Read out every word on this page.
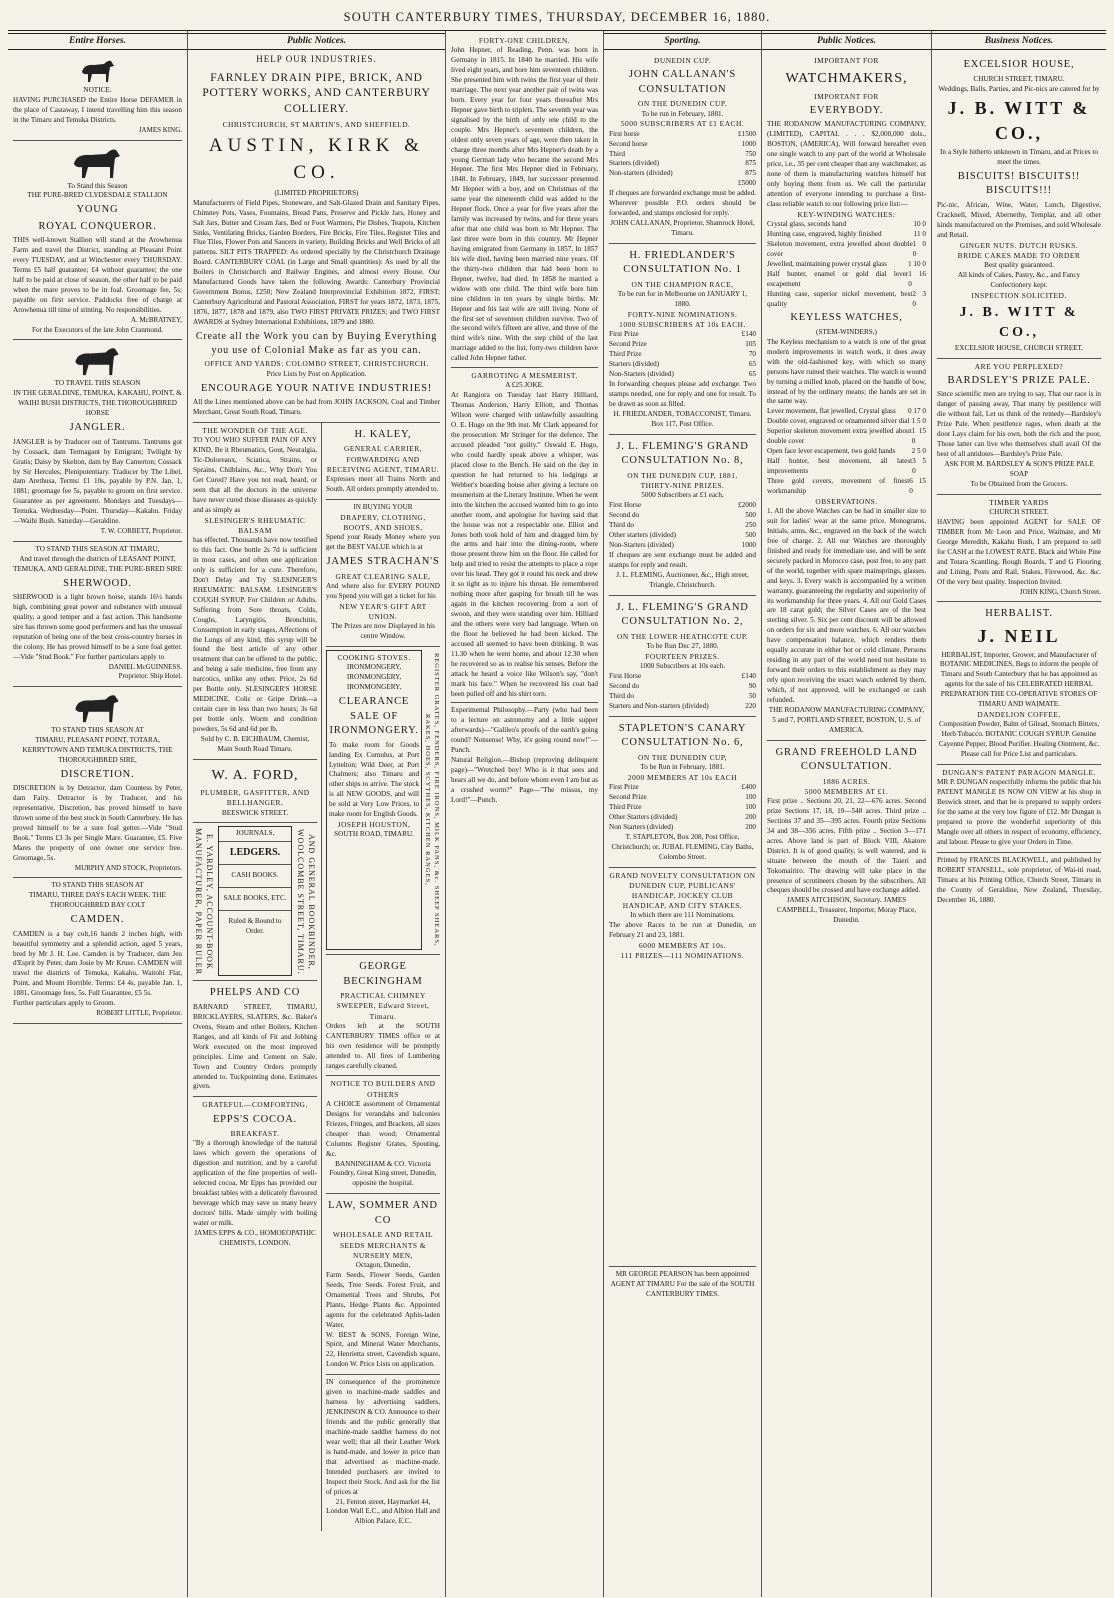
SOUTH CANTERBURY TIMES, THURSDAY, DECEMBER 16, 1880.
Entire Horses.
NOTICE.
HAVING PURCHASED the Entire Horse DEFAMER in the place of Castaway, I intend travelling him this season in the Timaru and Temuka Districts.
JAMES KING.
To Stand this Season
THE PURE-BRED CLYDESDALE STALLION
YOUNG
ROYAL CONQUEROR.
THIS well-known Stallion will stand at the Arowhenua Farm and travel the District, standing at Pleasant Point every TUESDAY, and at Winchester every THURSDAY. Terms £5 half guarantee; £4 without guarantee; the one half to be paid at close of season, the other half to be paid when the mare proves to be in foal. Groomage fee, 5s; payable on first service. Paddocks free of charge at Arowhenua till time of stinting. No responsibilities.
A. McBRATNEY,
For the Executors of the late John Cranmond.
TO TRAVEL THIS SEASON
IN THE GERALDINE, TEMUKA, KAKAHU, POINT, & WAIHI BUSH DISTRICTS, THE THOROUGHBRED HORSE
JANGLER.
JANGLER is by Traducer out of Tantrums. Tantrums got by Cossack, dam Termagant by Emigrant; Twilight by Gratis; Daisy by Skelton, dam by Bay Camerton; Cossack by Sir Hercules, Plenipotentiary. Traducer by The Libel, dam Arethusa. Terms: £1 10s, payable by P.N. Jan. 1, 1881; groomage fee 5s, payable to groom on first service. Guarantee as per agreement. Mondays and Tuesdays—Temuka. Wednesday—Point. Thursday—Kakahu. Friday—Waihi Bush. Saturday—Geraldine.
T. W. CORBETT, Proprietor.
TO STAND THIS SEASON AT TIMARU,
And travel through the districts of LEASANT POINT, TEMUKA, AND GERALDINE, THE PURE-BRED SIRE
SHERWOOD.
SHERWOOD is a light brown horse, stands 16½ hands high, combining great power and substance with unusual quality, a good temper and a fast action. This handsome sire has thrown some good performers and has the unusual reputation of being one of the best cross-country horses in the colony. He has proved himself to be a sure foal getter.—Vide "Stud Book." For further particulars apply to
DANIEL McGUINNESS.
Proprietor. Ship Hotel.
TO STAND THIS SEASON AT
TIMARU, PLEASANT POINT, TOTARA, KERRYTOWN AND TEMUKA DISTRICTS, THE THOROUGHBRED SIRE,
DISCRETION.
DISCRETION is by Detractor, dam Countess by Peter, dam Fairy. Detractor is by Traducer, and his representative, Discretion, has proved himself to have thrown some of the best stock in South Canterbury. He has proved himself to be a sure foal getter.—Vide "Stud Book." Terms £3 3s per Single Mare. Guarantee, £5. Five Mares the property of one owner one service free. Groomage, 5s.
MURPHY AND STOCK, Proprietors.
TO STAND THIS SEASON AT
TIMARU, THREE DAYS EACH WEEK. THE THOROUGHBRED BAY COLT
CAMDEN.
CAMDEN is a bay colt,16 hands 2 inches high, with beautiful symmetry and a splendid action, aged 5 years, bred by Mr J. H. Lee. Camden is by Traducer, dam Jeu d'Esprit by Peter, dam Josie by Mr Kruse. CAMDEN will travel the districts of Temuka, Kakahu, Waitohi Flat, Point, and Mount Horrible. Terms: £4 4s, payable Jan. 1, 1881, Groomage fees, 5s. Full Guarantee, £5 5s.
Further particulars apply to Groom.
ROBERT LITTLE, Proprietor.
Public Notices.
HELP OUR INDUSTRIES.
FARNLEY DRAIN PIPE, BRICK, AND POTTERY WORKS, AND CANTERBURY COLLIERY.
CHRISTCHURCH, ST MARTIN'S, AND SHEFFIELD.
AUSTIN, KIRK & CO.
(LIMITED PROPRIETORS)
Manufacturers of Field Pipes, Stoneware, and Salt-Glazed Drain and Sanitary Pipes, Chimney Pots, Vases, Fountains, Bread Pans, Preserve and Pickle Jars, Honey and Salt Jars, Butter and Cream Jars, Bed or Foot Warmers, Pie Dishes, Teapots, Kitchen Sinks, Ventilating Bricks, Garden Borders, Fire Bricks, Fire Tiles, Register Tiles and Flue Tiles, Flower Pots and Saucers in variety, Building Bricks and Well Bricks of all patterns. SILT PITS TRAPPED: As ordered specially by the Christchurch Drainage Board. CANTERBURY COAL (in Large and Small quantities): As used by all the Boilers in Christchurch and Railway Engines, and almost every House. Our Manufactured Goods have taken the following Awards: Canterbury Provincial Government Bonus, £250; New Zealand Interprovincial Exhibition 1872, FIRST; Canterbury Agricultural and Pastoral Association, FIRST for years 1872, 1873, 1875, 1876, 1877, 1878 and 1879, also TWO FIRST PRIVATE PRIZES; and TWO FIRST AWARDS at Sydney International Exhibitions, 1879 and 1880.
Create all the Work you can by Buying Everything you use of Colonial Make as far as you can.
OFFICE AND YARDS: COLOMBO STREET, CHRISTCHURCH.
Price Lists by Post on Application.
ENCOURAGE YOUR NATIVE INDUSTRIES!
All the Lines mentioned above can be had from JOHN JACKSON, Coal and Timber Merchant, Great South Road, Timaru.
THE WONDER OF THE AGE.
TO YOU WHO SUFFER PAIN OF ANY KIND, Be it Rheumatics, Gout, Neuralgia, Tic-Doloreaux, Sciatica, Strains, or Sprains, Chilblains, &c., Why Don't You Get Cured? Have you not read, heard, or seen that all the doctors in the universe have never cured those diseases as quickly and as simply as
SLESINGER'S RHEUMATIC BALSAM
has effected. Thousands have now testified to this fact. One bottle 2s 7d is sufficient in most cases, and often one application only is sufficient for a cure. Therefore, Don't Delay and Try SLESINGER'S RHEUMATIC BALSAM. LESINGER'S COUGH SYRUP. For Children or Adults. Suffering from Sore throats, Colds, Coughs, Laryngitis, Bronchitis, Consumption in early stages, Affections of the Lungs of any kind, this syrup will be found the best article of any other treatment that can be offered to the public, and being a safe medicine, free from any narcotics, unlike any other. Price, 2s 6d per Bottle only. SLESINGER'S HORSE MEDICINE. Colic or Gripe Drink—a certain cure in less than two hours; 3s 6d per bottle only. Worm and condition powders, 5s 6d and 6d per lb.
Sold by C. B. EICHBAUM, Chemist, Main South Road Timaru.
W. A. FORD,
PLUMBER, GASFITTER, AND BELLHANGER,
BEESWICK STREET.
E. YARDLEY, ACCOUNT-BOOK MANUFACTURER, PAPER RULER	JOURNALS.
LEDGERS.
CASH BOOKS.
SALE BOOKS, ETC.
Ruled & Bound to Order.	AND GENERAL BOOKBINDER, WOOLCOMBE STREET, TIMARU.
PHELPS AND CO
BARNARD STREET, TIMARU, BRICKLAYERS, SLATERS, &c. Baker's Ovens, Steam and other Boilers, Kitchen Ranges, and all kinds of Fit and Jobbing Work executed on the most improved principles. Lime and Cement on Sale. Town and Country Orders promptly attended to. Tuckpointing done. Estimates given.
GRATEFUL—COMFORTING.
EPPS'S COCOA.
BREAKFAST.
"By a thorough knowledge of the natural laws which govern the operations of digestion and nutrition, and by a careful application of the fine properties of well-selected cocoa, Mr Epps has provided our breakfast tables with a delicately flavoured beverage which may save us many heavy doctors' bills. Made simply with boiling water or milk.
JAMES EPPS & CO., HOMOEOPATHIC CHEMISTS, LONDON.
H. KALEY,
GENERAL CARRIER, FORWARDING AND RECEIVING AGENT, TIMARU.
Expresses meet all Trains North and South. All orders promptly attended to.
IN BUYING YOUR
DRAPERY, CLOTHING, BOOTS, AND SHOES,
Spend your Ready Money where you get the BEST VALUE which is at
JAMES STRACHAN'S
GREAT CLEARING SALE,
And where also for EVERY POUND you Spend you will get a ticket for his
NEW YEAR'S GIFT ART UNION.
The Prizes are now Displayed in his centre Window.
COOKING STOVES.
IRONMONGERY,
IRONMONGERY,
IRONMONGERY,
CLEARANCE SALE OF IRONMONGERY.
To make room for Goods landing Ex Cumulus, at Port Lyttelton; Wild Deer, at Port Chalmers; also Timaru and other ships to arrive. The stock is all NEW GOODS, and will be sold at Very Low Prices, to make room for English Goods.
JOSEPH HOUSTON,
SOUTH ROAD, TIMARU.	REGISTER GRATES, FENDERS, FIRE IRONS, MILK PANS, &c. SHEEP SHEARS, RAKES, HOES, SCYTHES, KITCHEN RANGES,
GEORGE BECKINGHAM
PRACTICAL CHIMNEY SWEEPER, Edward Street, Timaru.
Orders left at the SOUTH CANTERBURY TIMES office or at his own residence will be promptly attended to. All fires of Lumbering ranges carefully cleaned.
NOTICE TO BUILDERS AND OTHERS
A CHOICE assortment of Ornamental Designs for verandahs and balconies Friezes, Fringes, and Brackets, all sizes cheaper than wood; Ornamental Columns Register Grates, Spouting, &c.
BANNINGHAM & CO. Victoria Foundry, Great King street, Dunedin, opposite the hospital.
LAW, SOMMER AND CO
WHOLESALE AND RETAIL SEEDS MERCHANTS & NURSERY MEN,
Octagon, Dunedin.
Farm Seeds, Flower Seeds, Garden Seeds, Tree Seeds. Forest Fruit, and Ornamental Trees and Shrubs, Pot Plants, Hedge Plants &c. Appointed agents for the celebrated Aphis-laden Water.
W. BEST & SONS, Foreign Wine, Spirit, and Mineral Water Merchants, 22, Henrietta street, Cavendish square, London W. Price Lists on application.
IN consequence of the prominence given to machine-made saddles and harness by advertising saddlers, JENKINSON & CO. Announce to their friends and the public generally that machine-made saddler harness do not wear well; that all their Leather Work is hand-made, and lower in price than that advertised as machine-made. Intended purchasers are invited to Inspect their Stock. And ask for the list of prices at
21, Fenton street, Haymarket 44, London Wall E.C., and Albion Hall and Albion Palace, E.C.
FORTY-ONE CHILDREN.
John Hepner, of Reading, Penn. was born in Germany in 1815. In 1840 he married. His wife lived eight years, and bore him seventeen children. She presented him with twins the first year of their marriage. The next year another pair of twins was born. Every year for four years thereafter Mrs Hepner gave birth to triplets. The seventh year was signalised by the birth of only one child to the couple. Mrs Hepner's seventeen children, the oldest only seven years of age, were then taken in charge three months after Mrs Hepner's death by a young German lady who became the second Mrs Hepner. The first Mrs Hepner died in February, 1848. In February, 1849, her successor presented Mr Hepner with a boy, and on Christmas of the same year the nineteenth child was added to the Hepner flock. Once a year for five years after the family was increased by twins, and for three years after that one child was born to Mr Hepner. The last three were born in this country. Mr Hepner having emigrated from Germany in 1857. In 1857 his wife died, having been married nine years. Of the thirty-two children that had been born to Hepner, twelve, had died. In 1858 he married a widow with one child. The third wife bore him nine children in ten years by single births. Mr Hepner and his last wife are still living. None of the first set of seventeen children survive. Two of the second wife's fifteen are alive, and three of the third wife's nine. With the step child of the last marriage added to the list, forty-two children have called John Hepner father.
GARROTING A MESMERIST.
A £25 JOKE.
At Rangiora on Tuesday last Harry Hilliard, Thomas Anderson, Harry Elliott, and Thomas Wilson were charged with unlawfully assaulting O. E. Hugo on the 9th inst. Mr Clark appeared for the prosecution. Mr Stringer for the defence. The accused pleaded "not guilty." Oswald E. Hugo, who could hardly speak above a whisper, was placed close to the Bench. He said on the day in question he had returned to his lodgings at Webber's boarding house after giving a lecture on mesmerism at the Literary Institute. When he went into the kitchen the accused wanted him to go into another room, and apologise for having said that the house was not a respectable one. Elliot and Jones both took hold of him and dragged him by the arms and hair into the dining-room, where those present threw him on the floor. He called for help and tried to resist the attempts to place a rope over his head. They got it round his neck and drew it so tight as to injure his throat. He remembered nothing more after gasping for breath till he was again in the kitchen recovering from a sort of swoon, and they were standing over him. Hilliard and the others were very bad language. When on the floor he believed he had been kicked. The accused all seemed to have been drinking. It was 11.30 when he went home, and about 12.30 when he recovered so as to realise his senses. Before the attack he heard a voice like Wilson's say, "don't mark his face." When he recovered his coat had been pulled off and his shirt torn.
Experimental Philosophy.—Party (who had been to a lecture on astronomy and a little supper afterwards)—"Galileo's proofs of the earth's going round? Nonsense! Why, it's going round now!"—Punch.
Natural Religion.—Bishop (reproving delinquent page)—"Wretched boy! Who is it that sees and hears all we do, and before whom even I am but as a crushed worm?" Page—"The missus, my Lord!"—Punch.
Sporting.
DUNEDIN CUP.
JOHN CALLANAN'S CONSULTATION
ON THE DUNEDIN CUP.
To be run in February, 1881.
5000 SUBSCRIBERS AT £1 EACH.
First horse	£1500
Second horse	1000
Third	750
Starters (divided)	875
Non-starters (divided)	875
£5000
If cheques are forwarded exchange must be added. Wherever possible P.O. orders should be forwarded, and stamps enclosed for reply.
JOHN CALLANAN, Proprietor, Shamrock Hotel, Timaru.
H. FRIEDLANDER'S CONSULTATION No. 1
ON THE CHAMPION RACE,
To be run for in Melbourne on JANUARY 1, 1880.
FORTY-NINE NOMINATIONS.
1000 SUBSCRIBERS AT 10s EACH.
First Prize	£140
Second Prize	105
Third Prize	70
Starters (divided)	65
Non-Starters (divided)	65
In forwarding cheques please add exchange. Two stamps needed, one for reply and one for result. To be drawn as soon as filled.
H. FRIEDLANDER, TOBACCONIST, Timaru. Box 117, Post Office.
J. L. FLEMING'S GRAND CONSULTATION No. 8,
ON THE DUNEDIN CUP, 1881.
THIRTY-NINE PRIZES.
5000 Subscribers at £1 each,
First Horse	£2000
Second do	500
Third do	250
Other starters (divided)	500
Non-Starters (divided)	1000
If cheques are sent exchange must be added and stamps for reply and result.
J. L. FLEMING, Auctioneer, &c., High street, Triangle, Christchurch.
J. L. FLEMING'S GRAND CONSULTATION No. 2,
ON THE LOWER HEATHCOTE CUP.
To be Run Dec 27, 1880.
FOURTEEN PRIZES.
1000 Subscribers at 10s each.
First Horse	£140
Second do	90
Third do	50
Starters and Non-starters (divided)	220
STAPLETON'S CANARY CONSULTATION No. 6,
ON THE DUNEDIN CUP,
To be Run in February, 1881.
2000 MEMBERS AT 10s EACH
First Prize	£400
Second Prize	100
Third Prize	100
Other Starters (divided)	200
Non Starters (divided)	200
T. STAPLETON, Box 208, Post Office, Christchurch; or, JUBAL FLEMING, City Baths, Colombo Street.
GRAND NOVELTY CONSULTATION ON DUNEDIN CUP, PUBLICANS' HANDICAP, JOCKEY CLUB HANDICAP, AND CITY STAKES,
In which there are 111 Nominations.
The above Races to be run at Dunedin, on February 21 and 23, 1881.
6000 MEMBERS AT 10s.
111 PRIZES—111 NOMINATIONS.
MR GEORGE PEARSON has been appointed AGENT AT TIMARU For the sale of the SOUTH CANTERBURY TIMES.
Public Notices.
IMPORTANT FOR
WATCHMAKERS,
IMPORTANT FOR
EVERYBODY.
THE RODANOW MANUFACTURING COMPANY, (LIMITED), CAPITAL . . . $2,000,000 dols., BOSTON, (AMERICA), Will forward hereafter even one single watch to any part of the world at Wholesale price, i.e., 35 per cent cheaper than any watchmaker, as none of them is manufacturing watches himself but only buying them from us. We call the particular attention of everyone intending to purchase a first-class reliable watch to our following price list:—
KEY-WINDING WATCHES:
Crystal glass, seconds hand	10 0
Hunting case, engraved, highly finished	11 0
Skeleton movement, extra jewelled about double cover
1 0 0
Jewelled, maintaining power crystal glass	1 10 0
Half hunter, enamel or gold dial lever escapement
1 16 0
Hunting case, superior nickel movement, best quality
2 3 0
KEYLESS WATCHES,
(STEM-WINDERS.)
The Keyless mechanism to a watch is one of the great modern improvements in watch work, it does away with the old-fashioned key, with which so many persons have ruined their watches. The watch is wound by turning a milled knob, placed on the handle of bow, instead of by the ordinary means; the hands are set in the same way.
Lever movement, flat jewelled, Crystal glass 0 17 0
Double cover, engraved or ornamented silver dial 1 5 0
Superior skeleton movement extra jewelled about double cover
1 15 0
Open face lever escapement, two gold hands 2 5 0
Half hunter, best movement, all latest improvements
3 5 0
Three gold covers, movement of finest workmanship
6 15 0
OBSERVATIONS.
1. All the above Watches can be had in smaller size to suit for ladies' wear at the same price. Monograms, Initials, arms, &c., engraved on the back of the watch free of charge. 2. All our Watches are thoroughly finished and ready for immediate use, and will be sent securely packed in Morocco case, post free, to any part of the world, together with spare mainsprings, glasses, and keys. 3. Every watch is accompanied by a written warranty, guaranteeing the regularity and superiority of its workmanship for three years. 4. All our Gold Cases are 18 carat gold; the Silver Cases are of the best sterling silver. 5. Six per cent discount will be allowed on orders for six and more watches. 6. All our watches have compensation balance, which renders them equally accurate in either hot or cold climate. Persons residing in any part of the world need not hesitate to forward their orders to this establishment as they may rely upon receiving the exact watch ordered by them, which, if not approved, will be exchanged or cash refunded.
THE RODANOW MANUFACTURING COMPANY, 5 and 7, PORTLAND STREET, BOSTON, U. S. of AMERICA.
GRAND FREEHOLD LAND CONSULTATION.
1886 ACRES.
5000 MEMBERS AT £1.
First prize .. Sections 20, 21, 22—676 acres. Second prize Sections 17, 18, 19—548 acres. Third prize .. Sections 37 and 35—395 acres. Fourth prize Sections 34 and 38—356 acres. Fifth prize .. Section 3—171 acres. Above land is part of Block VIII, Akatore District. It is of good quality, is well watered, and is situate between the mouth of the Taieri and Tokomairiro. The drawing will take place in the presence of scrutineers chosen by the subscribers. All cheques should be crossed and have exchange added.
JAMES AITCHISON, Secretary. JAMES CAMPBELL, Treasurer, Importer, Moray Place, Dunedin.
Business Notices.
EXCELSIOR HOUSE,
CHURCH STREET, TIMARU.
Weddings, Balls, Parties, and Pic-nics are catered for by
J. B. WITT & CO.,
In a Style hitherto unknown in Timaru, and at Prices to meet the times.
BISCUITS! BISCUITS!! BISCUITS!!!
Pic-nic, African, Wine, Water, Lunch, Digestive, Cracknell, Mixed, Abernethy, Templar, and all other kinds manufactured on the Premises, and sold Wholesale and Retail.
GINGER NUTS. DUTCH RUSKS.
BRIDE CAKES MADE TO ORDER
Best quality guaranteed.
All kinds of Cakes, Pastry, &c., and Fancy Confectionery kept.
INSPECTION SOLICITED.
J. B. WITT & CO.,
EXCELSIOR HOUSE, CHURCH STREET.
ARE YOU PERPLEXED?
BARDSLEY'S PRIZE PALE.
Since scientific men are trying to say, That our race is in danger of passing away, That many by pestilence will die without fail, Let us think of the remedy—Bardsley's Prize Pale. When pestilence rages, when death at the door Lays claim for his own, both the rich and the poor, Those latter can live who themselves shall avail Of the best of all antidotes—Bardsley's Prize Pale.
ASK FOR M. BARDSLEY & SON'S PRIZE PALE SOAP
To be Obtained from the Grocers.
TIMBER YARDS
CHURCH STREET.
HAVING been appointed AGENT for SALE OF TIMBER from Mr Leon and Price, Waimate, and Mr George Meredith, Kakahu Bush, I am prepared to sell for CASH at the LOWEST RATE. Black and White Pine and Totara Scantling, Rough Boards, T and G Flooring and Lining, Posts and Rail, Stakes, Firewood, &c. &c. Of the very best quality. Inspection Invited.
JOHN KING, Church Street.
HERBALIST.
J. NEIL
HERBALIST, Importer, Grower, and Manufacturer of BOTANIC MEDICINES, Begs to inform the people of Timaru and South Canterbury that he has appointed as agents for the sale of his CELEBRATED HERBAL PREPARATION THE CO-OPERATIVE STORES OF TIMARU AND WAIMATE.
DANDELION COFFEE,
Composition Powder, Balm of Gilead, Stomach Bitters, Herb Tobacco. BOTANIC COUGH SYRUP. Genuine Cayenne Pepper, Blood Purifier. Healing Ointment, &c. Please call for Price List and particulars.
DUNGAN'S PATENT PARAGON MANGLE.
MR P. DUNGAN respectfully informs the public that his PATENT MANGLE IS NOW ON VIEW at his shop in Beswick street, and that he is prepared to supply orders for the same at the very low figure of £12. Mr Dungan is prepared to prove the wonderful superiority of this Mangle over all others in respect of economy, efficiency, and labour. Please to give your Orders in Time.
Printed by FRANCIS BLACKWELL, and published by ROBERT STANSELL, sole proprietor, of Wai-iti road, Timaru at his Printing Office, Church Street, Timaru in the County of Geraldine, New Zealand, Thursday, December 16, 1880.
